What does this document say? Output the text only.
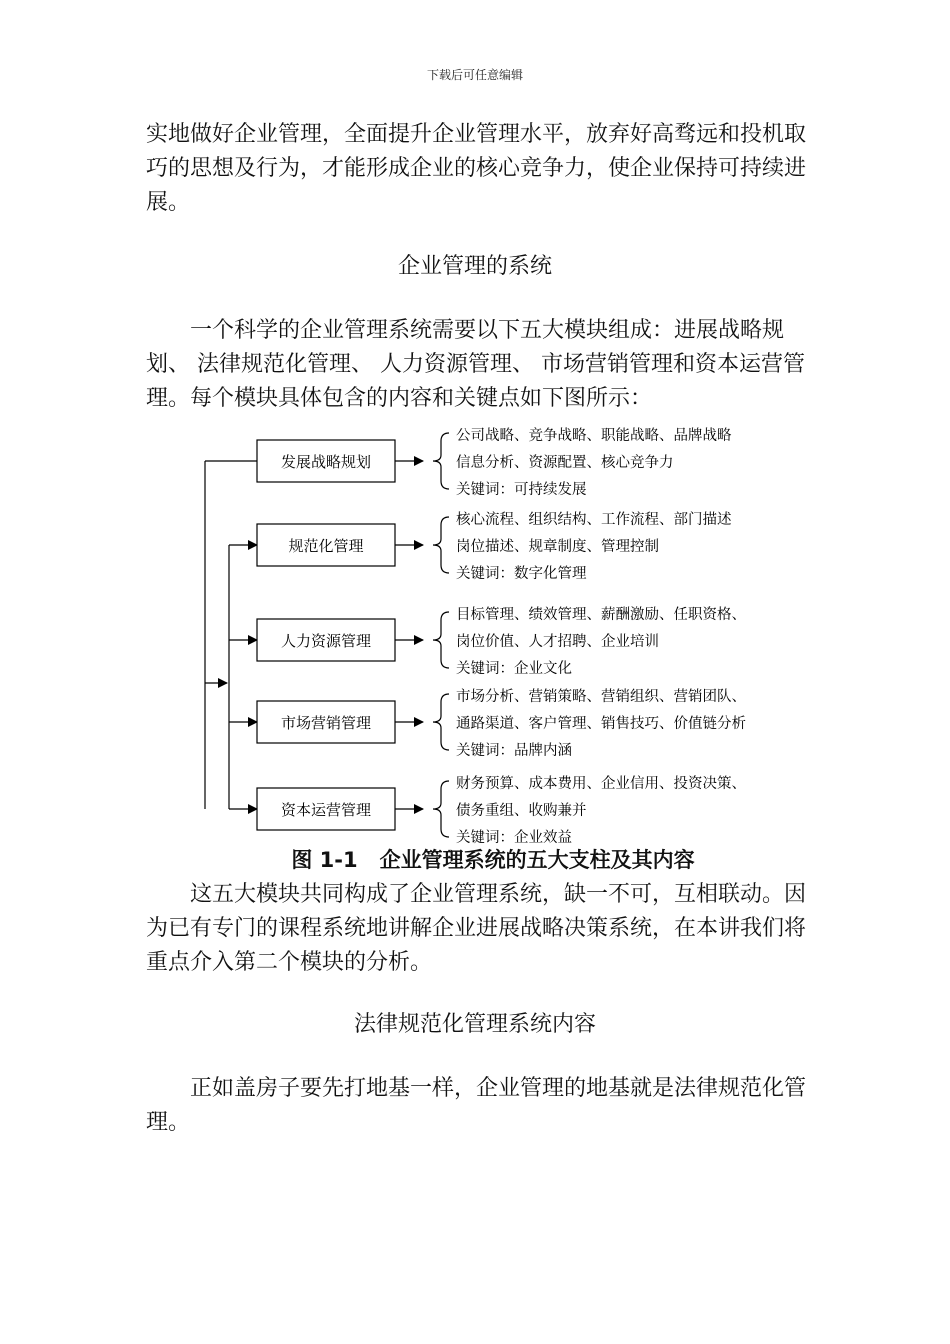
下载后可任意编辑

实地做好企业管理，全面提升企业管理水平，放弃好高骛远和投机取巧的思想及行为，才能形成企业的核心竞争力，使企业保持可持续进展。

企业管理的系统

一个科学的企业管理系统需要以下五大模块组成：进展战略规划、 法律规范化管理、 人力资源管理、 市场营销管理和资本运营管理。每个模块具体包含的内容和关键点如下图所示：

发展战略规划
公司战略、竞争战略、职能战略、品牌战略
信息分析、资源配置、核心竞争力
关键词：可持续发展
规范化管理
核心流程、组织结构、工作流程、部门描述
岗位描述、规章制度、管理控制
关键词：数字化管理
人力资源管理
目标管理、绩效管理、薪酬激励、任职资格、
岗位价值、人才招聘、企业培训
关键词：企业文化
市场营销管理
市场分析、营销策略、营销组织、营销团队、
通路渠道、客户管理、销售技巧、价值链分析
关键词：品牌内涵
资本运营管理
财务预算、成本费用、企业信用、投资决策、
债务重组、收购兼并
关键词：企业效益
图 1-1 企业管理系统的五大支柱及其内容

这五大模块共同构成了企业管理系统，缺一不可，互相联动。因为已有专门的课程系统地讲解企业进展战略决策系统，在本讲我们将重点介入第二个模块的分析。

法律规范化管理系统内容

正如盖房子要先打地基一样，企业管理的地基就是法律规范化管理。
